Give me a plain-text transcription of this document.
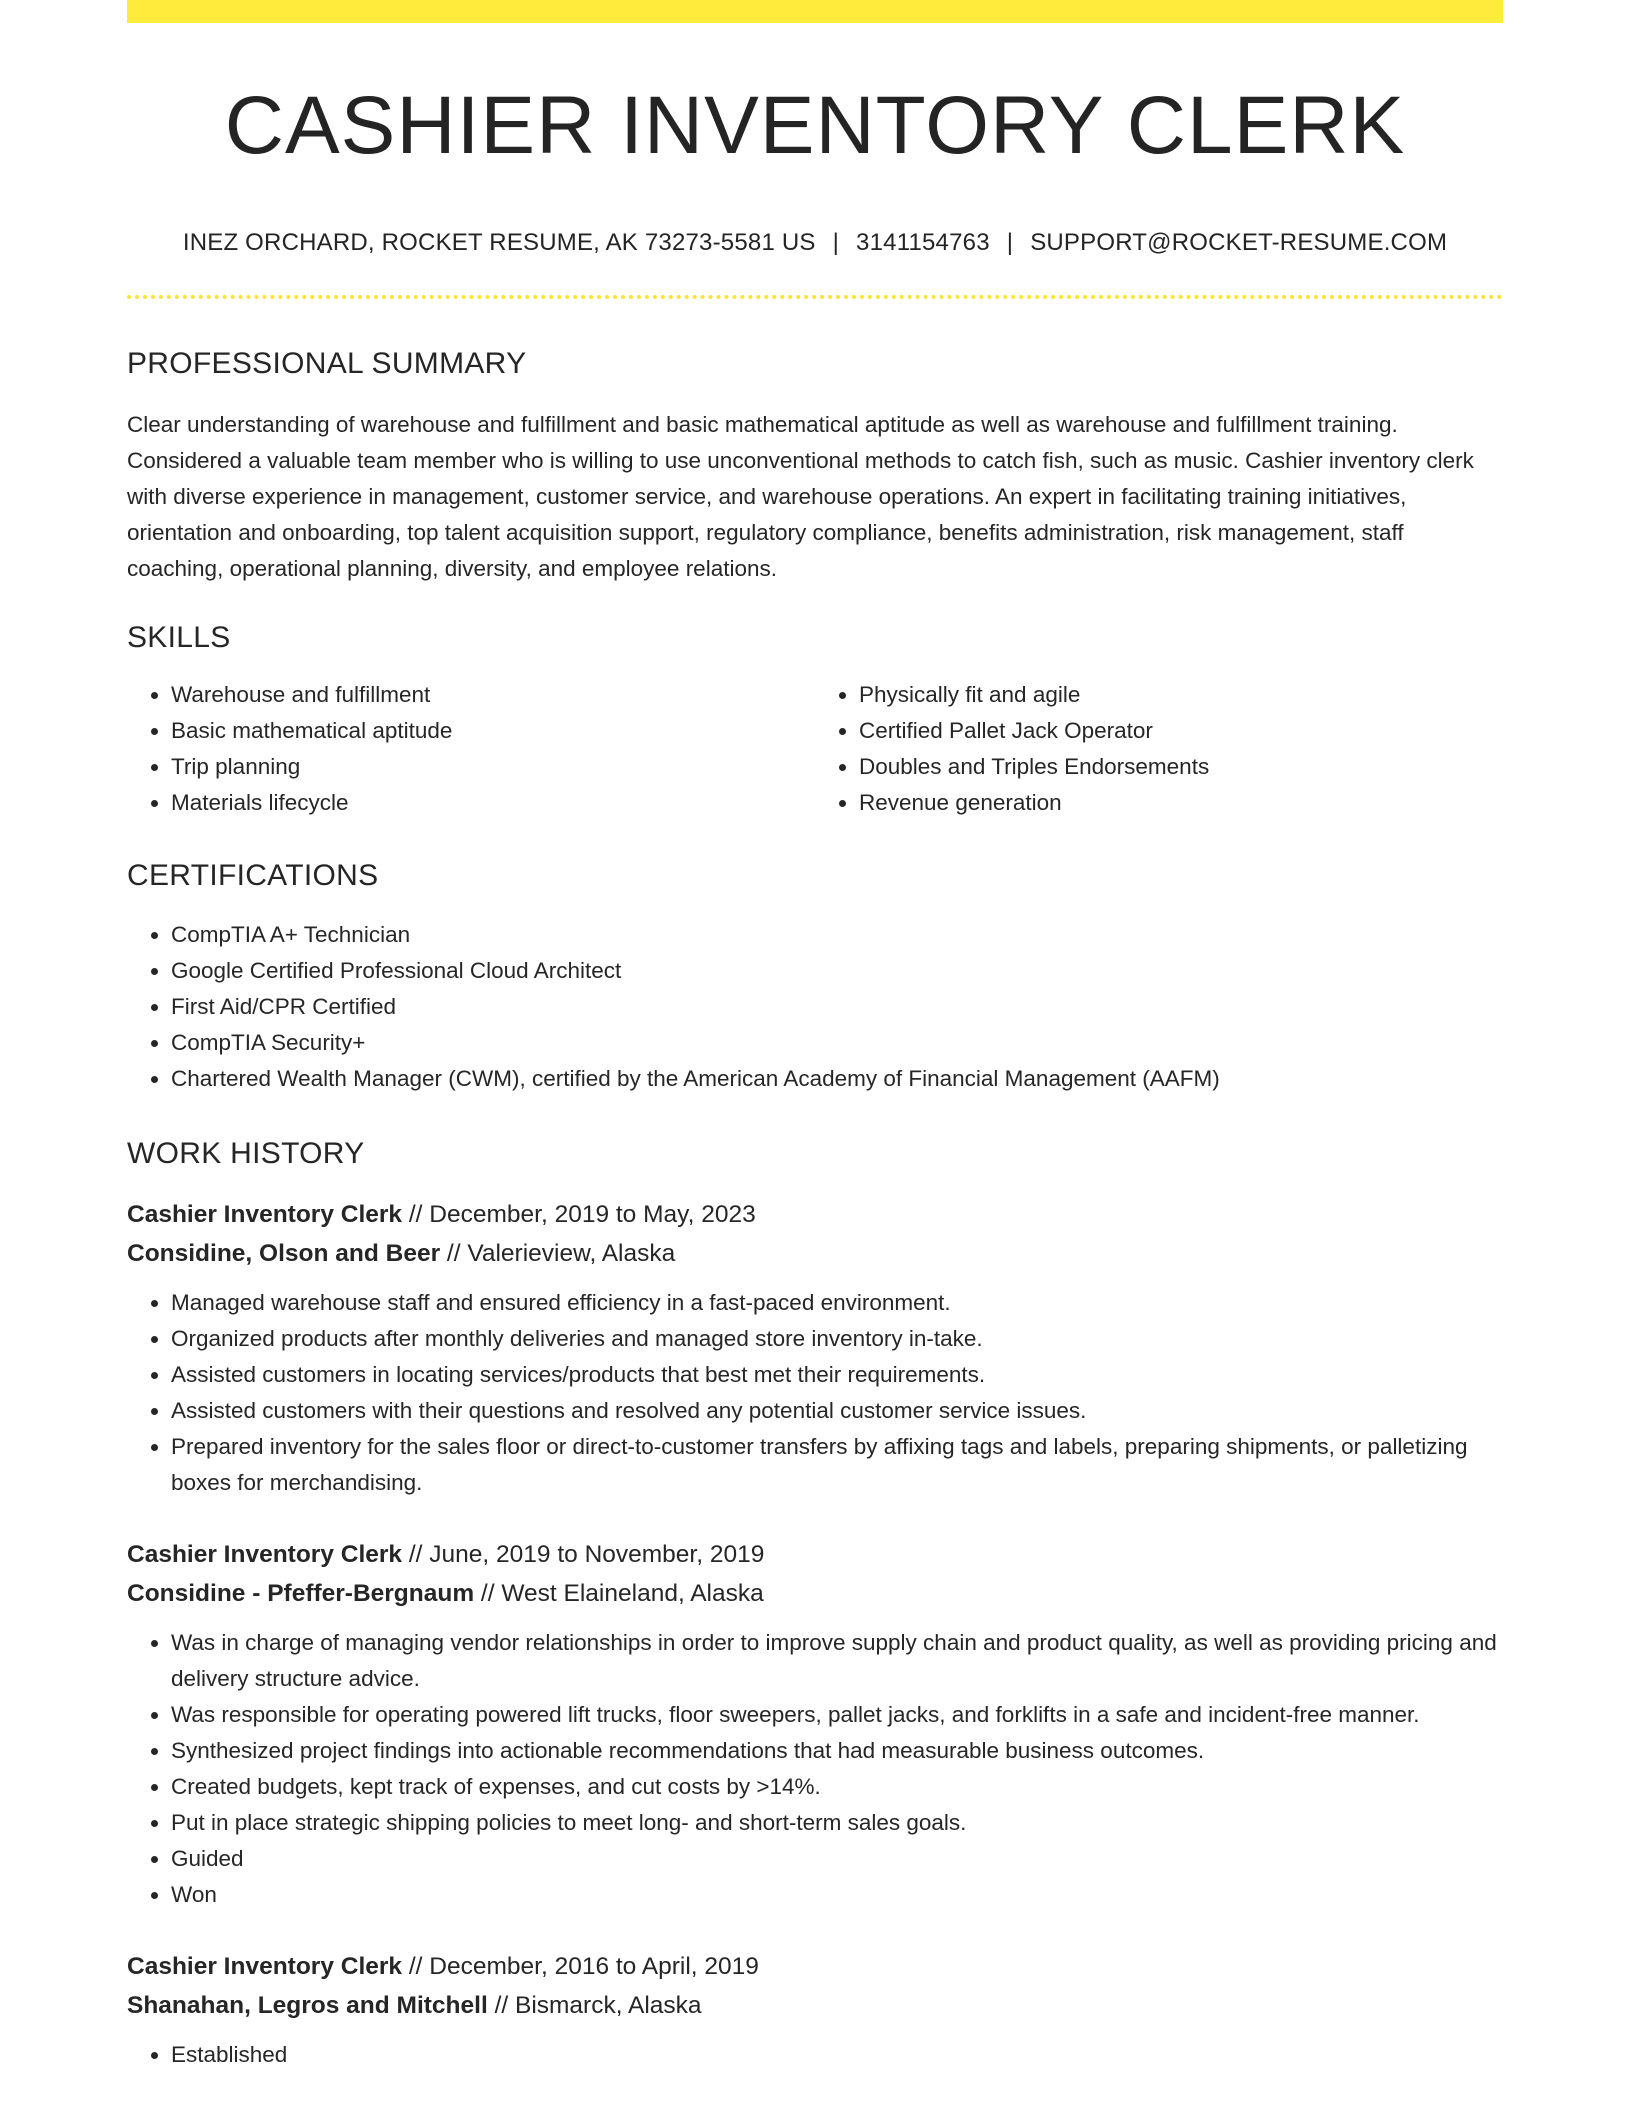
CASHIER INVENTORY CLERK
INEZ ORCHARD, ROCKET RESUME, AK 73273-5581 US | 3141154763 | SUPPORT@ROCKET-RESUME.COM
PROFESSIONAL SUMMARY

Clear understanding of warehouse and fulfillment and basic mathematical aptitude as well as warehouse and fulfillment training. Considered a valuable team member who is willing to use unconventional methods to catch fish, such as music. Cashier inventory clerk with diverse experience in management, customer service, and warehouse operations. An expert in facilitating training initiatives, orientation and onboarding, top talent acquisition support, regulatory compliance, benefits administration, risk management, staff coaching, operational planning, diversity, and employee relations.

SKILLS
• Warehouse and fulfillment
• Basic mathematical aptitude
• Trip planning
• Materials lifecycle
• Physically fit and agile
• Certified Pallet Jack Operator
• Doubles and Triples Endorsements
• Revenue generation
CERTIFICATIONS
• CompTIA A+ Technician
• Google Certified Professional Cloud Architect
• First Aid/CPR Certified
• CompTIA Security+
• Chartered Wealth Manager (CWM), certified by the American Academy of Financial Management (AAFM)
WORK HISTORY
Cashier Inventory Clerk // December, 2019 to May, 2023
Considine, Olson and Beer // Valerieview, Alaska
• Managed warehouse staff and ensured efficiency in a fast-paced environment.
• Organized products after monthly deliveries and managed store inventory in-take.
• Assisted customers in locating services/products that best met their requirements.
• Assisted customers with their questions and resolved any potential customer service issues.
• Prepared inventory for the sales floor or direct-to-customer transfers by affixing tags and labels, preparing shipments, or palletizing boxes for merchandising.
Cashier Inventory Clerk // June, 2019 to November, 2019
Considine - Pfeffer-Bergnaum // West Elaineland, Alaska
• Was in charge of managing vendor relationships in order to improve supply chain and product quality, as well as providing pricing and delivery structure advice.
• Was responsible for operating powered lift trucks, floor sweepers, pallet jacks, and forklifts in a safe and incident-free manner.
• Synthesized project findings into actionable recommendations that had measurable business outcomes.
• Created budgets, kept track of expenses, and cut costs by >14%.
• Put in place strategic shipping policies to meet long- and short-term sales goals.
• Guided
• Won
Cashier Inventory Clerk // December, 2016 to April, 2019
Shanahan, Legros and Mitchell // Bismarck, Alaska
• Established
